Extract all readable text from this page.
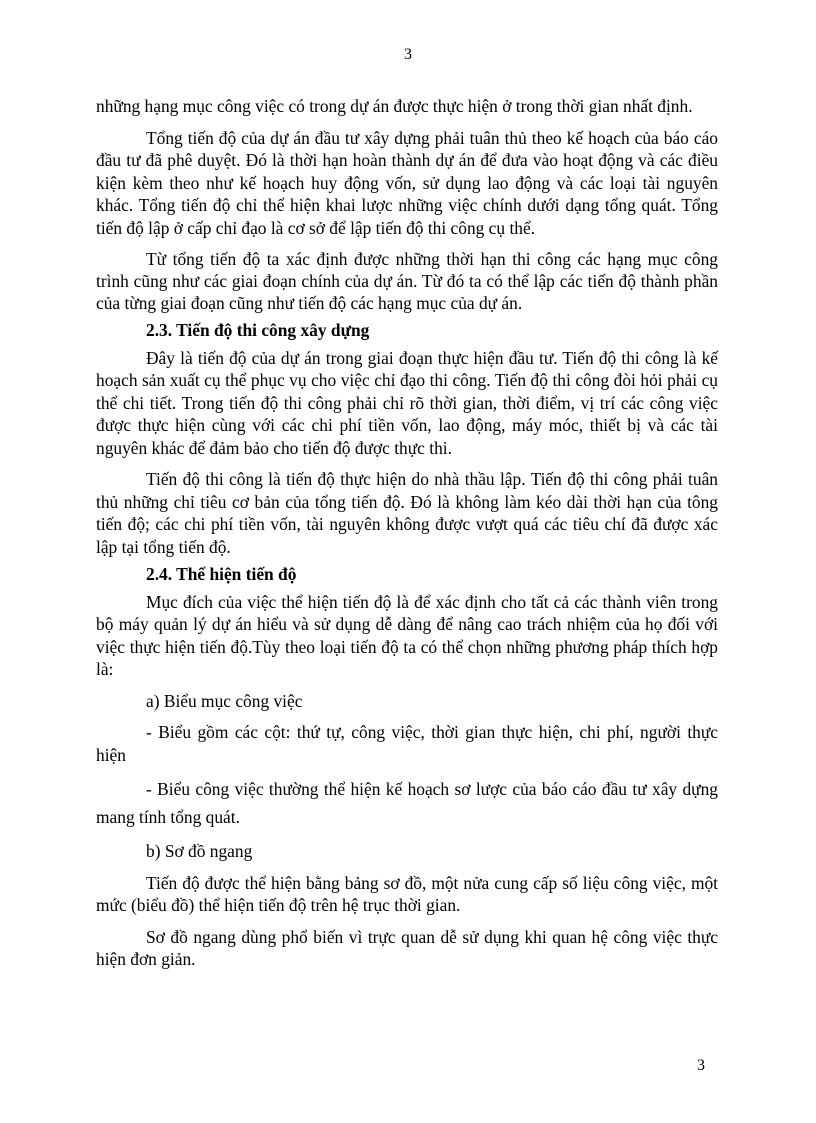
3

những hạng mục công việc có trong dự án được thực hiện ở trong thời gian nhất định.

Tổng tiến độ của dự án đầu tư xây dựng phải tuân thủ theo kế hoạch của báo cáo đầu tư đã phê duyệt. Đó là thời hạn hoàn thành dự án để đưa vào hoạt động và các điều kiện kèm theo như kế hoạch huy động vốn, sử dụng lao động và các loại tài nguyên khác. Tổng tiến độ chỉ thể hiện khai lược những việc chính dưới dạng tổng quát. Tổng tiến độ lập ở cấp chỉ đạo là cơ sở để lập tiến độ thi công cụ thể.

Từ tổng tiến độ ta xác định được những thời hạn thi công các hạng mục công trình cũng như các giai đoạn chính của dự án. Từ đó ta có thể lập các tiến độ thành phần của từng giai đoạn cũng như tiến độ các hạng mục của dự án.

2.3. Tiến độ thi công xây dựng

Đây là tiến độ của dự án trong giai đoạn thực hiện đầu tư. Tiến độ thi công là kế hoạch sản xuất cụ thể phục vụ cho việc chỉ đạo thi công. Tiến độ thi công đòi hỏi phải cụ thể chi tiết. Trong tiến độ thi công phải chỉ rõ thời gian, thời điểm, vị trí các công việc được thực hiện cùng với các chi phí tiền vốn, lao động, máy móc, thiết bị và các tài nguyên khác để đảm bảo cho tiến độ được thực thi.

Tiến độ thi công là tiến độ thực hiện do nhà thầu lập. Tiến độ thi công phải tuân thủ những chỉ tiêu cơ bản của tổng tiến độ. Đó là không làm kéo dài thời hạn của tông tiến độ; các chi phí tiền vốn, tài nguyên không được vượt quá các tiêu chí đã được xác lập tại tổng tiến độ.

2.4. Thể hiện tiến độ

Mục đích của việc thể hiện tiến độ là để xác định cho tất cả các thành viên trong bộ máy quản lý dự án hiểu và sử dụng dễ dàng để nâng cao trách nhiệm của họ đối với việc thực hiện tiến độ.Tùy theo loại tiến độ ta có thể chọn những phương pháp thích hợp là:

a) Biểu mục công việc

- Biểu gồm các cột: thứ tự, công việc, thời gian thực hiện, chi phí, người thực hiện

- Biểu công việc thường thể hiện kế hoạch sơ lược của báo cáo đầu tư xây dựng mang tính tổng quát.

b) Sơ đồ ngang

Tiến độ được thể hiện bằng bảng sơ đồ, một nửa cung cấp số liệu công việc, một mức (biểu đồ) thể hiện tiến độ trên hệ trục thời gian.

Sơ đồ ngang dùng phổ biến vì trực quan dễ sử dụng khi quan hệ công việc thực hiện đơn giản.

3
